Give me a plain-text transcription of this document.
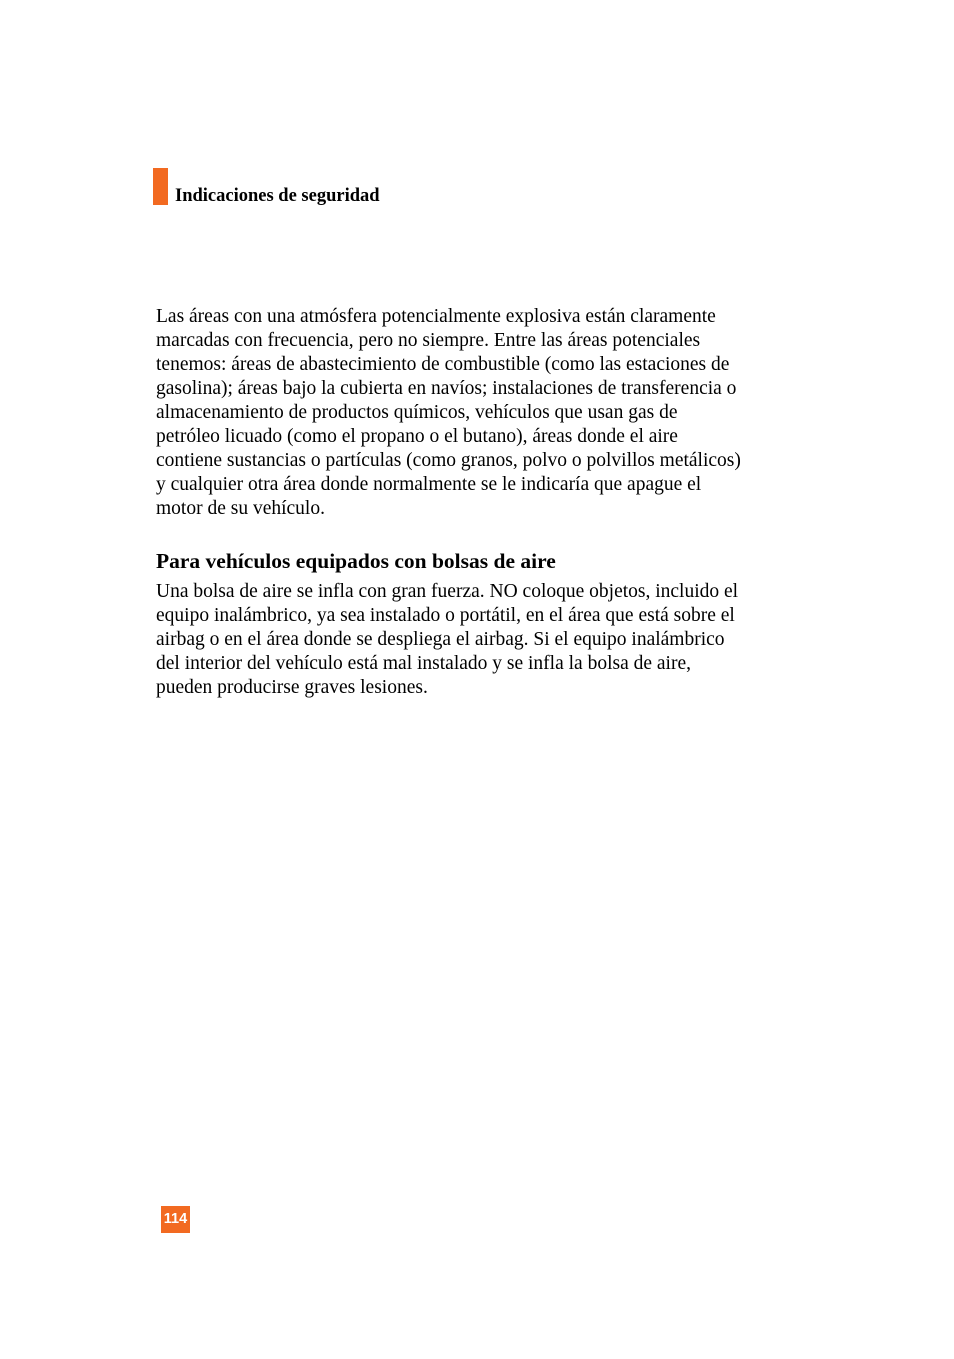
Indicaciones de seguridad

Las áreas con una atmósfera potencialmente explosiva están claramente
marcadas con frecuencia, pero no siempre. Entre las áreas potenciales
tenemos: áreas de abastecimiento de combustible (como las estaciones de
gasolina); áreas bajo la cubierta en navíos; instalaciones de transferencia o
almacenamiento de productos químicos, vehículos que usan gas de
petróleo licuado (como el propano o el butano), áreas donde el aire
contiene sustancias o partículas (como granos, polvo o polvillos metálicos)
y cualquier otra área donde normalmente se le indicaría que apague el
motor de su vehículo.

Para vehículos equipados con bolsas de aire

Una bolsa de aire se infla con gran fuerza. NO coloque objetos, incluido el
equipo inalámbrico, ya sea instalado o portátil, en el área que está sobre el
airbag o en el área donde se despliega el airbag. Si el equipo inalámbrico
del interior del vehículo está mal instalado y se infla la bolsa de aire,
pueden producirse graves lesiones.

114
